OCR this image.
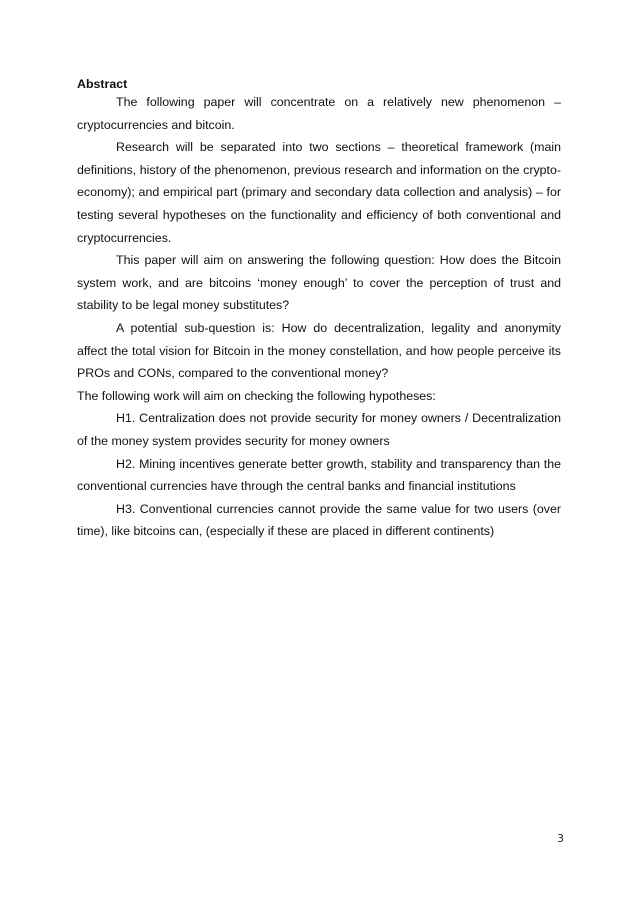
Abstract

The following paper will concentrate on a relatively new phenomenon – cryptocurrencies and bitcoin.

Research will be separated into two sections – theoretical framework (main definitions, history of the phenomenon, previous research and information on the crypto-economy); and empirical part (primary and secondary data collection and analysis) – for testing several hypotheses on the functionality and efficiency of both conventional and cryptocurrencies.

This paper will aim on answering the following question: How does the Bitcoin system work, and are bitcoins ‘money enough’ to cover the perception of trust and stability to be legal money substitutes?

A potential sub-question is: How do decentralization, legality and anonymity affect the total vision for Bitcoin in the money constellation, and how people perceive its PROs and CONs, compared to the conventional money?

The following work will aim on checking the following hypotheses:

H1. Centralization does not provide security for money owners / Decentralization of the money system provides security for money owners

H2. Mining incentives generate better growth, stability and transparency than the conventional currencies have through the central banks and financial institutions

H3. Conventional currencies cannot provide the same value for two users (over time), like bitcoins can, (especially if these are placed in different continents)

3
